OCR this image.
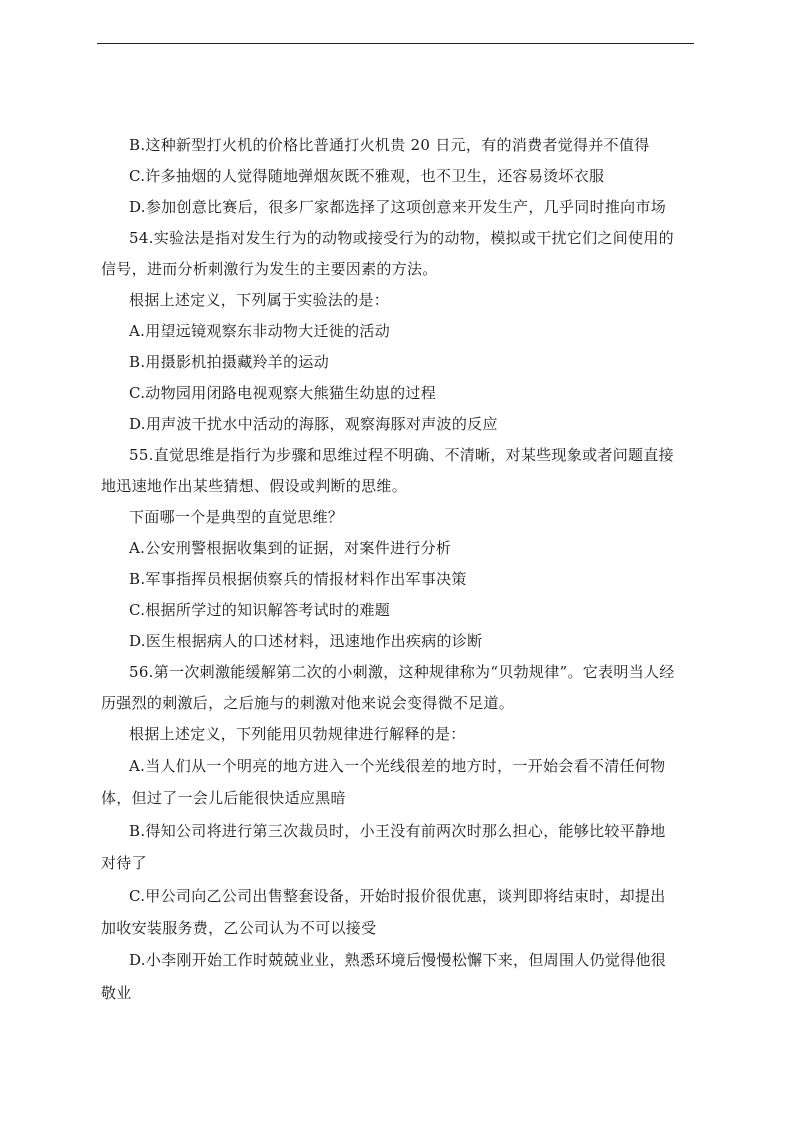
B.这种新型打火机的价格比普通打火机贵 20 日元，有的消费者觉得并不值得
C.许多抽烟的人觉得随地弹烟灰既不雅观，也不卫生，还容易烫坏衣服
D.参加创意比赛后，很多厂家都选择了这项创意来开发生产，几乎同时推向市场
54.实验法是指对发生行为的动物或接受行为的动物，模拟或干扰它们之间使用的
信号，进而分析刺激行为发生的主要因素的方法。
根据上述定义，下列属于实验法的是：
A.用望远镜观察东非动物大迁徙的活动
B.用摄影机拍摄藏羚羊的运动
C.动物园用闭路电视观察大熊猫生幼崽的过程
D.用声波干扰水中活动的海豚，观察海豚对声波的反应
55.直觉思维是指行为步骤和思维过程不明确、不清晰，对某些现象或者问题直接
地迅速地作出某些猜想、假设或判断的思维。
下面哪一个是典型的直觉思维？
A.公安刑警根据收集到的证据，对案件进行分析
B.军事指挥员根据侦察兵的情报材料作出军事决策
C.根据所学过的知识解答考试时的难题
D.医生根据病人的口述材料，迅速地作出疾病的诊断
56.第一次刺激能缓解第二次的小刺激，这种规律称为“贝勃规律”。它表明当人经
历强烈的刺激后，之后施与的刺激对他来说会变得微不足道。
根据上述定义，下列能用贝勃规律进行解释的是：
A.当人们从一个明亮的地方进入一个光线很差的地方时，一开始会看不清任何物
体，但过了一会儿后能很快适应黑暗
B.得知公司将进行第三次裁员时，小王没有前两次时那么担心，能够比较平静地
对待了
C.甲公司向乙公司出售整套设备，开始时报价很优惠，谈判即将结束时，却提出
加收安装服务费，乙公司认为不可以接受
D.小李刚开始工作时兢兢业业，熟悉环境后慢慢松懈下来，但周围人仍觉得他很
敬业
